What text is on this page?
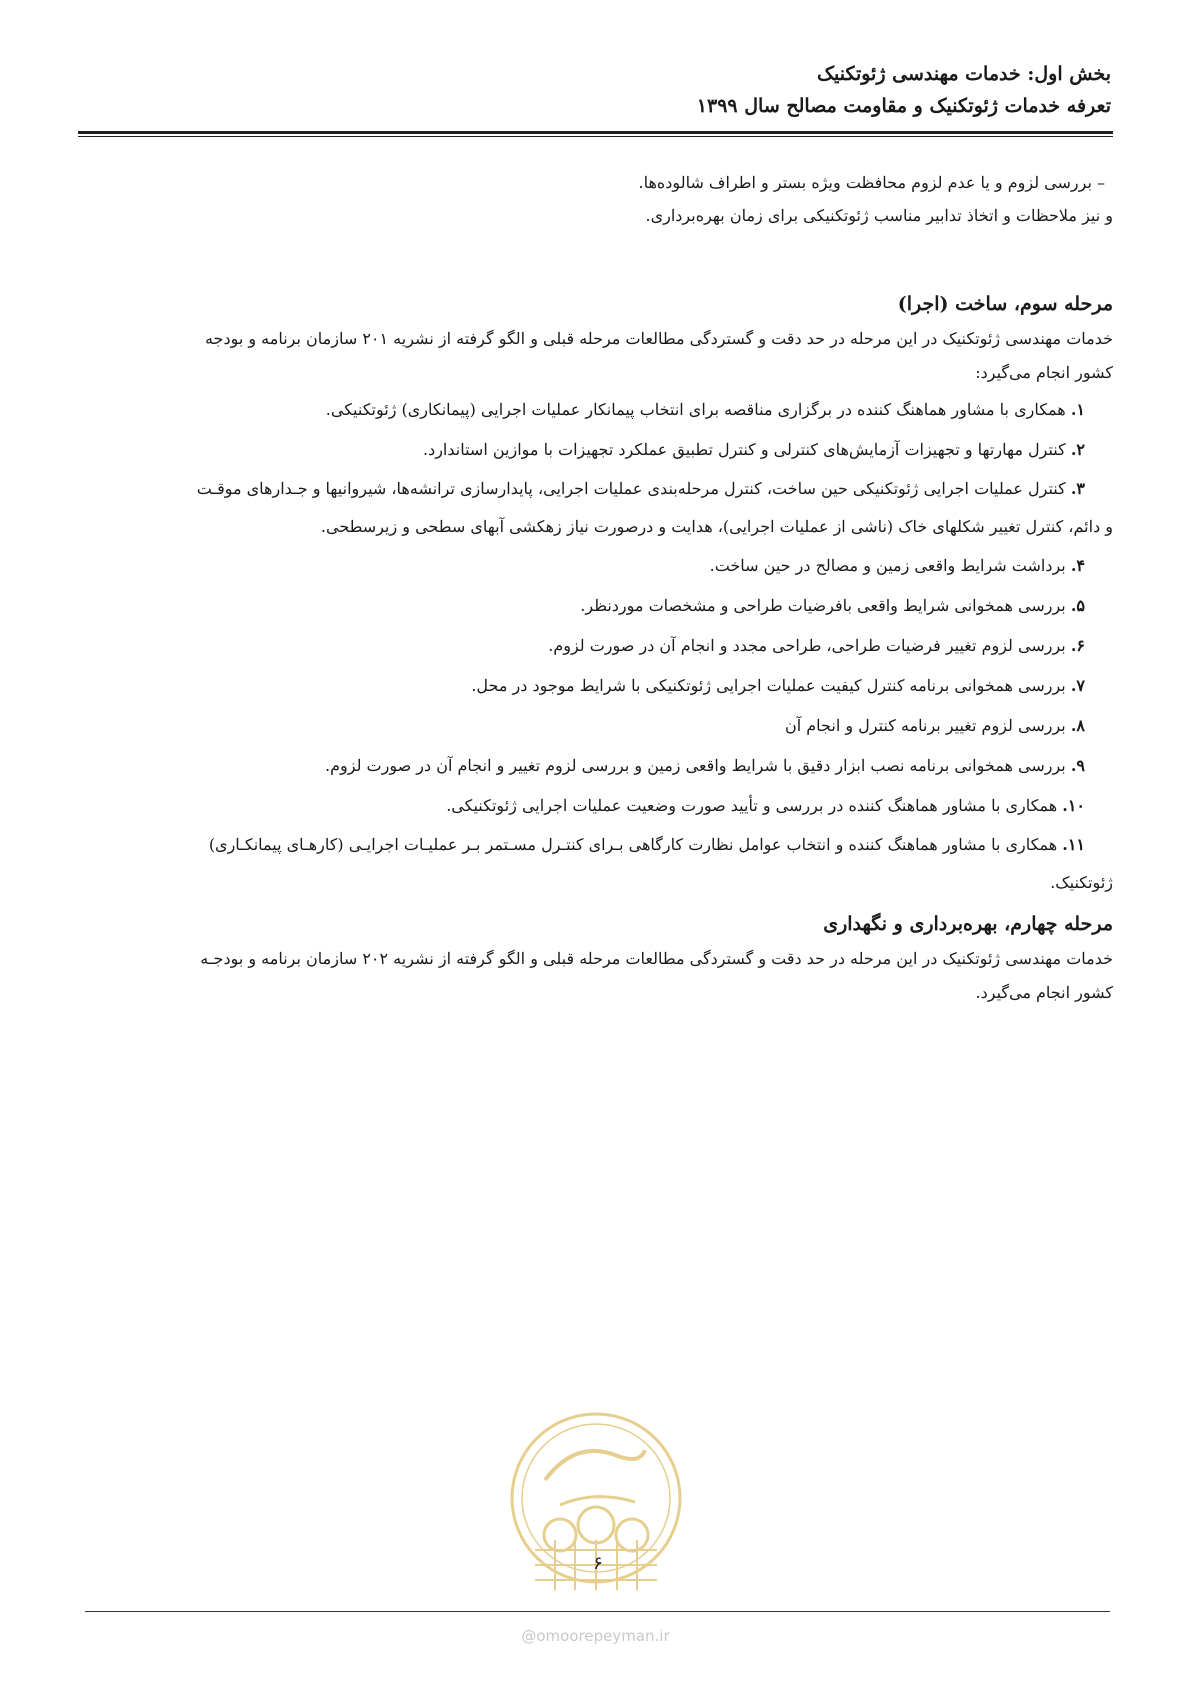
بخش اول: خدمات مهندسی ژئوتکنیک
تعرفه خدمات ژئوتکنیک و مقاومت مصالح سال ۱۳۹۹
– بررسی لزوم و یا عدم لزوم محافظت ویژه بستر و اطراف شالوده‌ها.
و نیز ملاحظات و اتخاذ تدابیر مناسب ژئوتکنیکی برای زمان بهره‌برداری.
مرحله سوم، ساخت (اجرا)
خدمات مهندسی ژئوتکنیک در این مرحله در حد دقت و گستردگی مطالعات مرحله قبلی و الگو گرفته از نشریه ۲۰۱ سازمان برنامه و بودجه
کشور انجام می‌گیرد:
۱. همکاری با مشاور هماهنگ کننده در برگزاری مناقصه برای انتخاب پیمانکار عملیات اجرایی (پیمانکاری) ژئوتکنیکی.
۲. کنترل مهارتها و تجهیزات آزمایش‌های کنترلی و کنترل تطبیق عملکرد تجهیزات با موازین استاندارد.
۳. کنترل عملیات اجرایی ژئوتکنیکی حین ساخت، کنترل مرحله‌بندی عملیات اجرایی، پایدارسازی ترانشه‌ها، شیروانیها و جـدارهای موقـت
و دائم، کنترل تغییر شکلهای خاک (ناشی از عملیات اجرایی)، هدایت و درصورت نیاز زهکشی آبهای سطحی و زیرسطحی.
۴. برداشت شرایط واقعی زمین و مصالح در حین ساخت.
۵. بررسی همخوانی شرایط واقعی بافرضیات طراحی و مشخصات موردنظر.
۶. بررسی لزوم تغییر فرضیات طراحی، طراحی مجدد و انجام آن در صورت لزوم.
۷. بررسی همخوانی برنامه کنترل کیفیت عملیات اجرایی ژئوتکنیکی با شرایط موجود در محل.
۸. بررسی لزوم تغییر برنامه کنترل و انجام آن
۹. بررسی همخوانی برنامه نصب ابزار دقیق با شرایط واقعی زمین و بررسی لزوم تغییر و انجام آن در صورت لزوم.
۱۰. همکاری با مشاور هماهنگ کننده در بررسی و تأیید صورت وضعیت عملیات اجرایی ژئوتکنیکی.
۱۱. همکاری با مشاور هماهنگ کننده و انتخاب عوامل نظارت کارگاهی بـرای کنتـرل مسـتمر بـر عملیـات اجرایـی (کارهـای پیمانکـاری)
ژئوتکنیک.
مرحله چهارم، بهره‌برداری و نگهداری
خدمات مهندسی ژئوتکنیک در این مرحله در حد دقت و گستردگی مطالعات مرحله قبلی و الگو گرفته از نشریه ۲۰۲ سازمان برنامه و بودجـه
کشور انجام می‌گیرد.
۶
@omoorepeyman.ir
